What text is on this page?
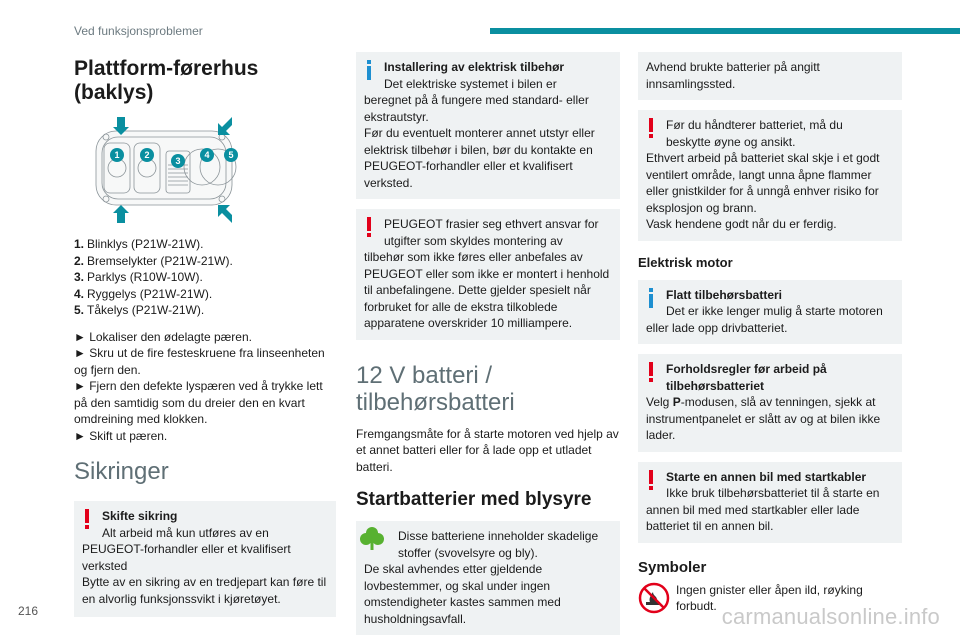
Ved funksjonsproblemer
Plattform-førerhus (baklys)
1	2
3
4 5
1. Blinklys (P21W-21W).
2. Bremselykter (P21W-21W).
3. Parklys (R10W-10W).
4. Ryggelys (P21W-21W).
5. Tåkelys (P21W-21W).

► Lokaliser den ødelagte pæren.

► Skru ut de fire festeskruene fra linseenheten og fjern den.

► Fjern den defekte lyspæren ved å trykke lett på den samtidig som du dreier den en kvart omdreining med klokken.

► Skift ut pæren.

Sikringer
Skifte sikring
Alt arbeid må kun utføres av en
PEUGEOT-forhandler eller et kvalifisert verksted
Bytte av en sikring av en tredjepart kan føre til en alvorlig funksjonssvikt i kjøretøyet.
Installering av elektrisk tilbehør
Det elektriske systemet i bilen er
beregnet på å fungere med standard- eller ekstrautstyr.
Før du eventuelt monterer annet utstyr eller elektrisk tilbehør i bilen, bør du kontakte en PEUGEOT-forhandler eller et kvalifisert verksted.
PEUGEOT frasier seg ethvert ansvar for
utgifter som skyldes montering av
tilbehør som ikke føres eller anbefales av PEUGEOT eller som ikke er montert i henhold til anbefalingene. Dette gjelder spesielt når forbruket for alle de ekstra tilkoblede apparatene overskrider 10 milliampere.
12 V batteri / tilbehørsbatteri

Fremgangsmåte for å starte motoren ved hjelp av et annet batteri eller for å lade opp et utladet batteri.

Startbatterier med blysyre
Disse batteriene inneholder skadelige
stoffer (svovelsyre og bly).
De skal avhendes etter gjeldende lovbestemmer, og skal under ingen omstendigheter kastes sammen med husholdningsavfall.
Avhend brukte batterier på angitt innsamlingssted.
Før du håndterer batteriet, må du
beskytte øyne og ansikt.
Ethvert arbeid på batteriet skal skje i et godt ventilert område, langt unna åpne flammer eller gnistkilder for å unngå enhver risiko for eksplosjon og brann.
Vask hendene godt når du er ferdig.
Elektrisk motor
Flatt tilbehørsbatteri
Det er ikke lenger mulig å starte motoren
eller lade opp drivbatteriet.
Forholdsregler før arbeid på
tilbehørsbatteriet
Velg P-modusen, slå av tenningen, sjekk at instrumentpanelet er slått av og at bilen ikke lader.
Starte en annen bil med startkabler
Ikke bruk tilbehørsbatteriet til å starte en
annen bil med med startkabler eller lade batteriet til en annen bil.
Symboler

Ingen gnister eller åpen ild, røyking forbudt.

216	carmanualsonline.info
